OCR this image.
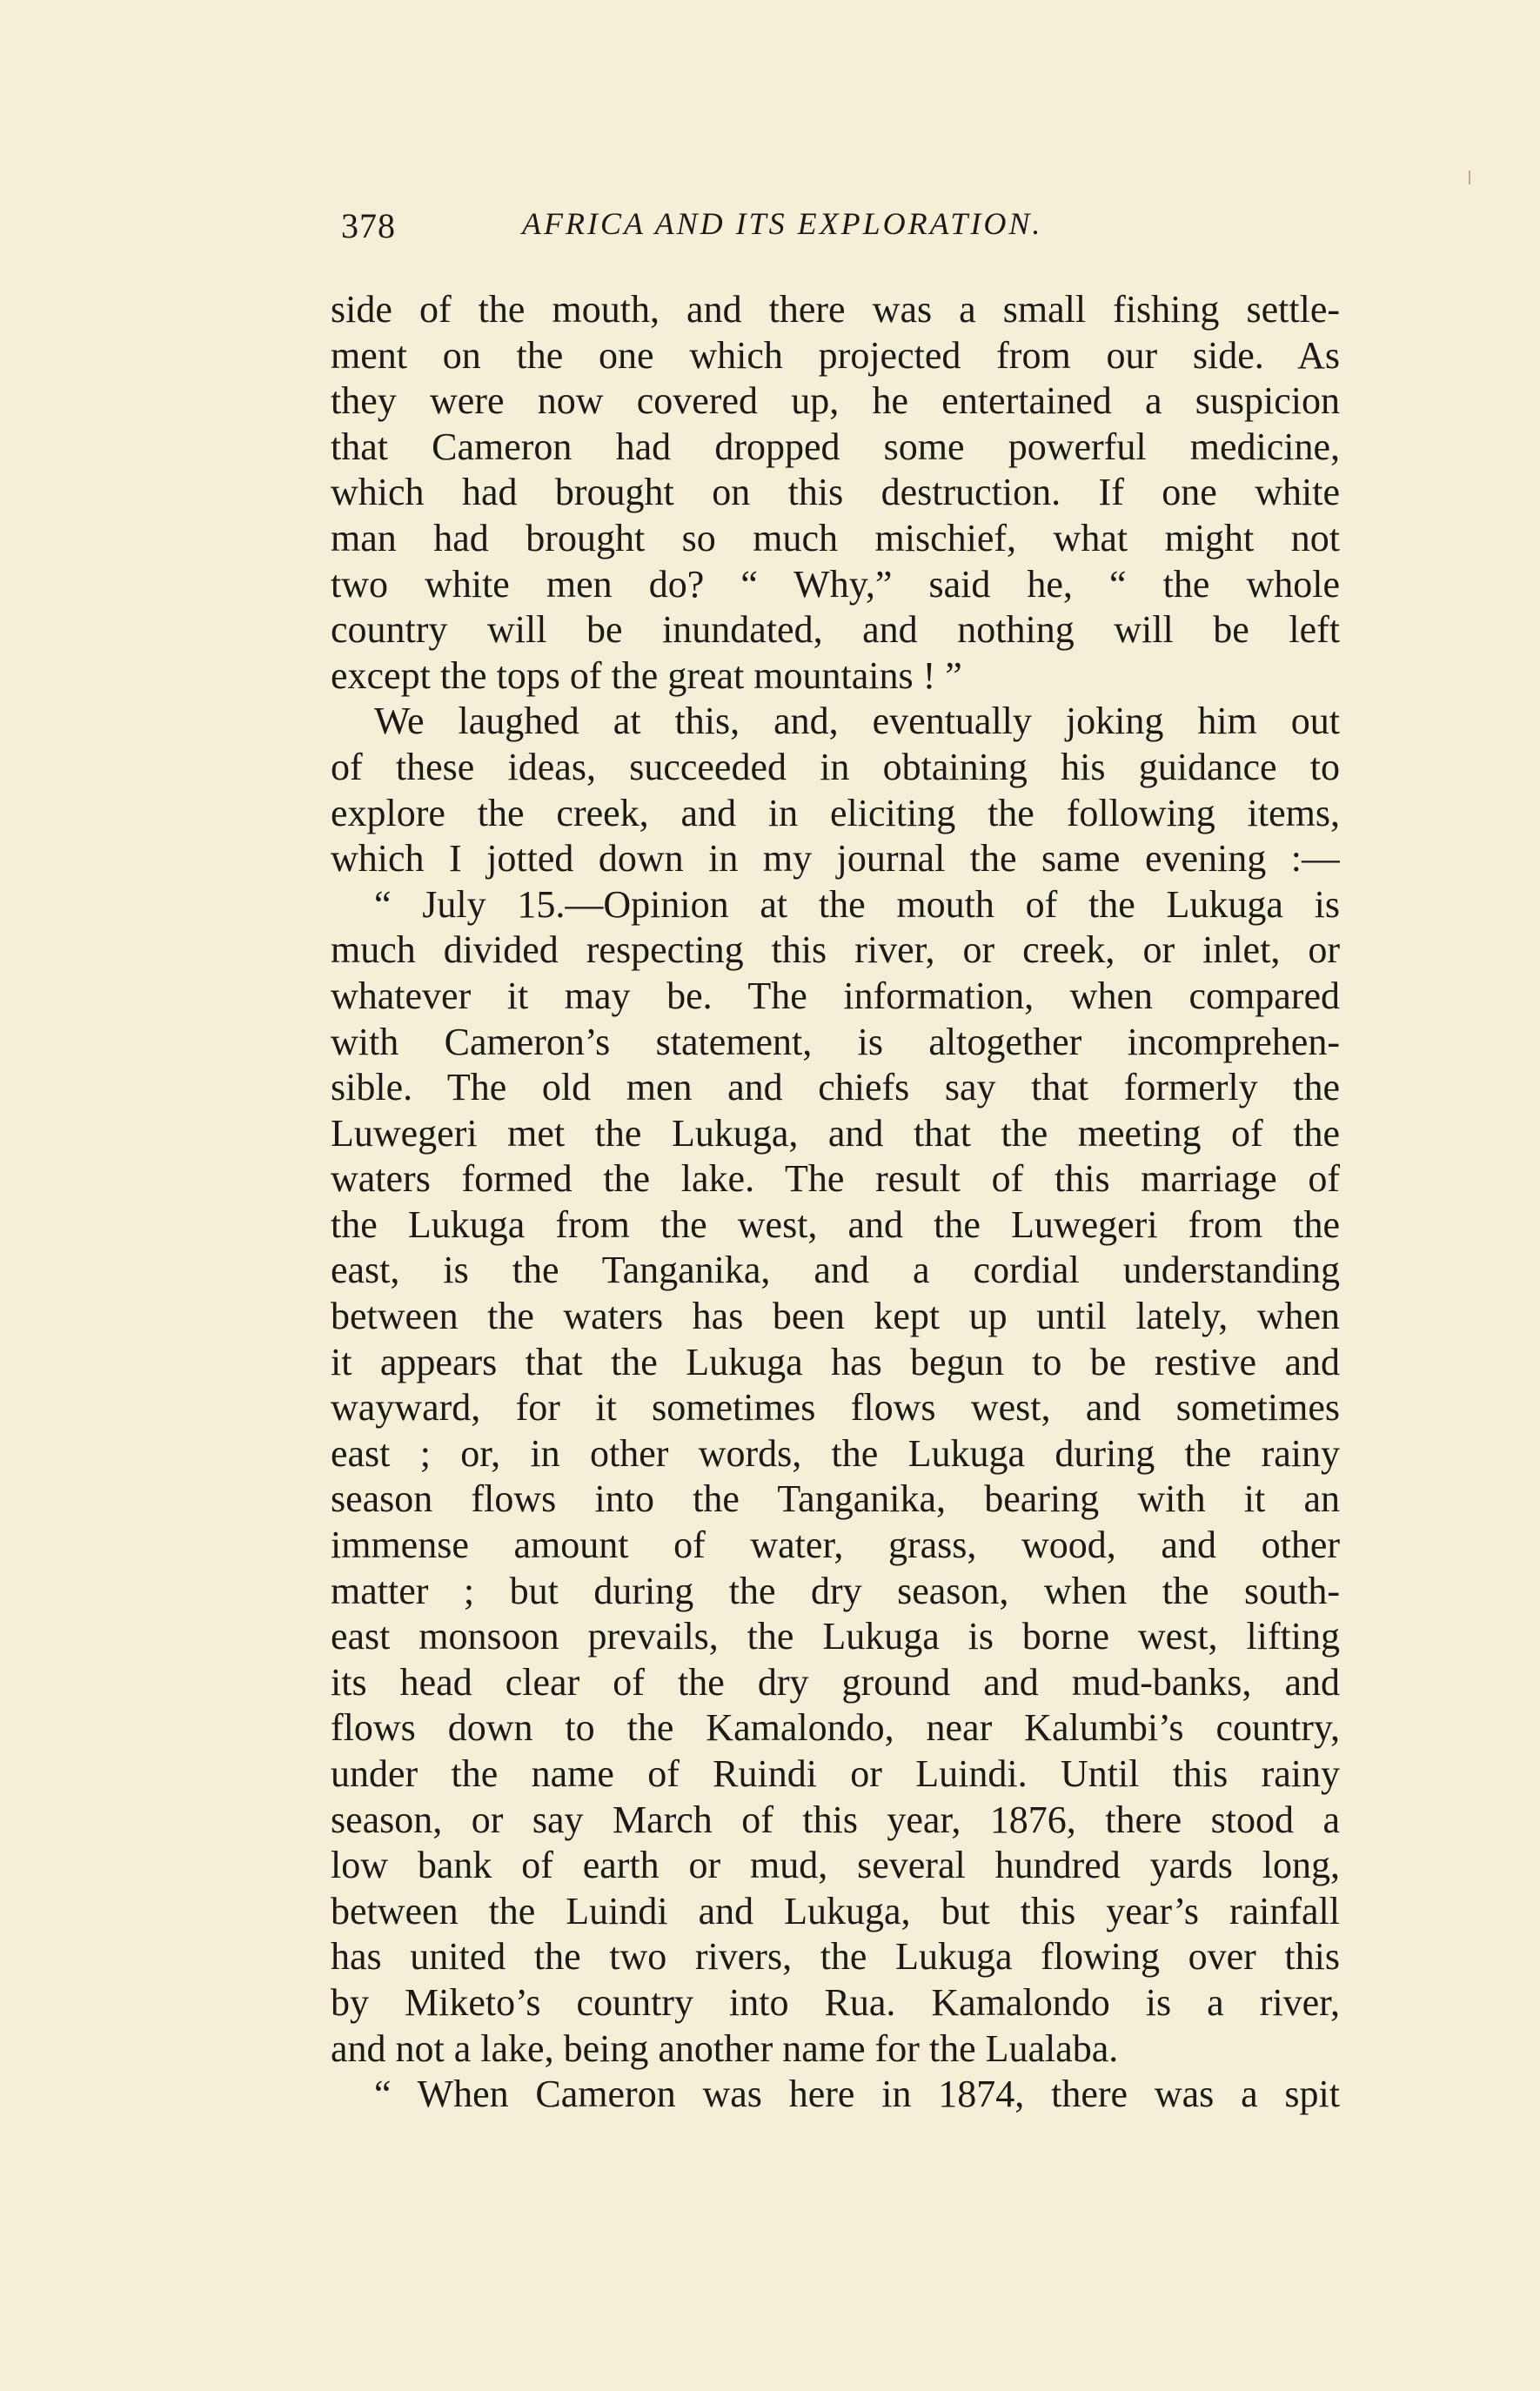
378	AFRICA AND ITS EXPLORATION.
side of the mouth, and there was a small fishing settle-
ment on the one which projected from our side. As
they were now covered up, he entertained a suspicion
that Cameron had dropped some powerful medicine,
which had brought on this destruction. If one white
man had brought so much mischief, what might not
two white men do? “ Why,” said he, “ the whole
country will be inundated, and nothing will be left
except the tops of the great mountains ! ”
We laughed at this, and, eventually joking him out
of these ideas, succeeded in obtaining his guidance to
explore the creek, and in eliciting the following items,
which I jotted down in my journal the same evening :—
“ July 15.—Opinion at the mouth of the Lukuga is
much divided respecting this river, or creek, or inlet, or
whatever it may be. The information, when compared
with Cameron’s statement, is altogether incomprehen-
sible. The old men and chiefs say that formerly the
Luwegeri met the Lukuga, and that the meeting of the
waters formed the lake. The result of this marriage of
the Lukuga from the west, and the Luwegeri from the
east, is the Tanganika, and a cordial understanding
between the waters has been kept up until lately, when
it appears that the Lukuga has begun to be restive and
wayward, for it sometimes flows west, and sometimes
east ; or, in other words, the Lukuga during the rainy
season flows into the Tanganika, bearing with it an
immense amount of water, grass, wood, and other
matter ; but during the dry season, when the south-
east monsoon prevails, the Lukuga is borne west, lifting
its head clear of the dry ground and mud-banks, and
flows down to the Kamalondo, near Kalumbi’s country,
under the name of Ruindi or Luindi. Until this rainy
season, or say March of this year, 1876, there stood a
low bank of earth or mud, several hundred yards long,
between the Luindi and Lukuga, but this year’s rainfall
has united the two rivers, the Lukuga flowing over this
by Miketo’s country into Rua. Kamalondo is a river,
and not a lake, being another name for the Lualaba.
“ When Cameron was here in 1874, there was a spit
